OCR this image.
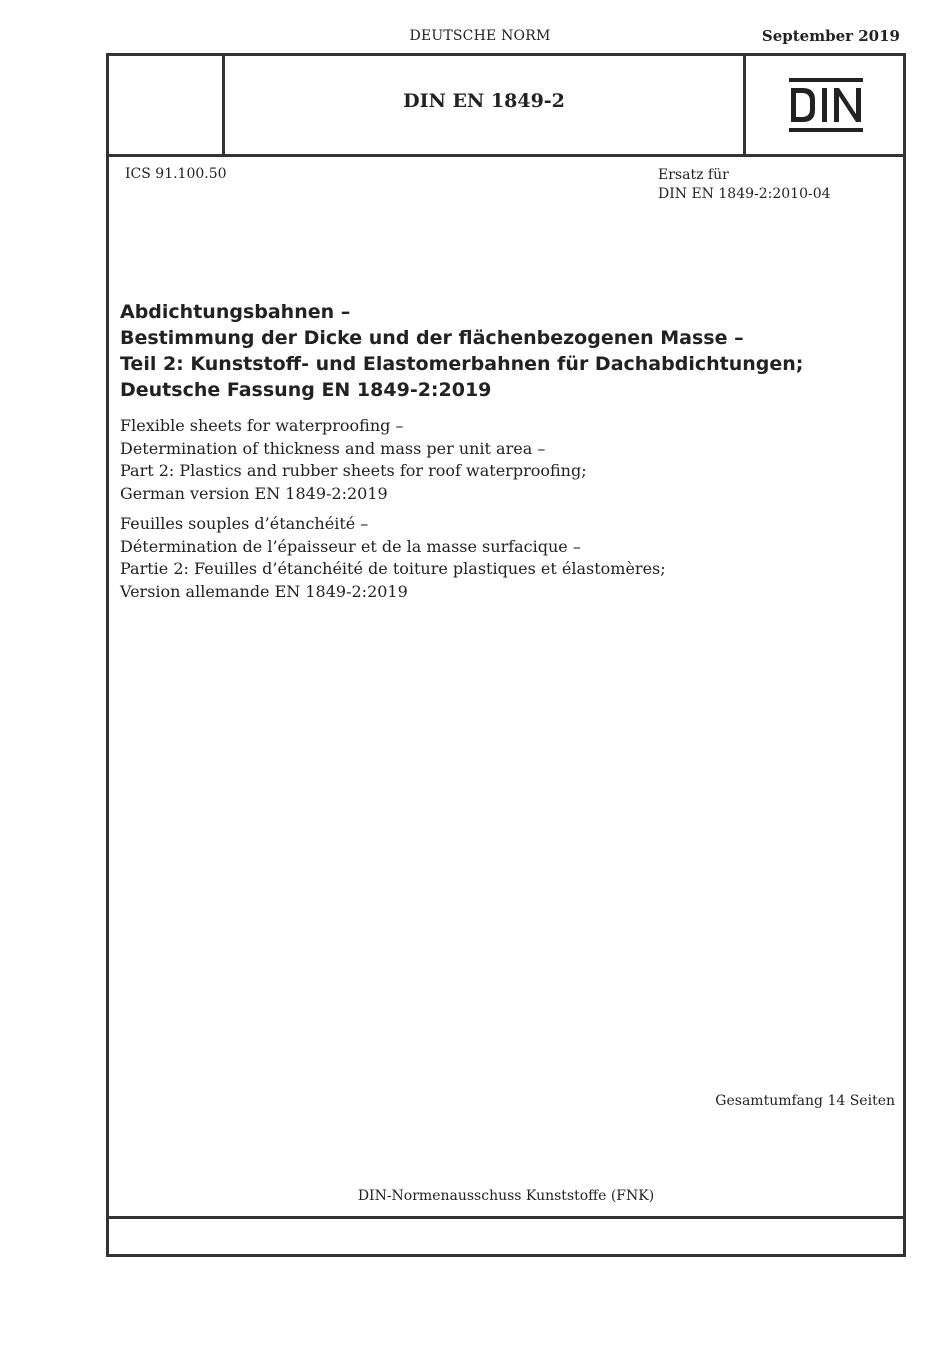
DEUTSCHE NORM	September 2019
DIN EN 1849-2
ICS 91.100.50	Ersatz für
DIN EN 1849-2:2010-04
Abdichtungsbahnen –
Bestimmung der Dicke und der flächenbezogenen Masse –
Teil 2: Kunststoff- und Elastomerbahnen für Dachabdichtungen;
Deutsche Fassung EN 1849-2:2019
Flexible sheets for waterproofing –
Determination of thickness and mass per unit area –
Part 2: Plastics and rubber sheets for roof waterproofing;
German version EN 1849-2:2019
Feuilles souples d’étanchéité –
Détermination de l’épaisseur et de la masse surfacique –
Partie 2: Feuilles d’étanchéité de toiture plastiques et élastomères;
Version allemande EN 1849-2:2019
Gesamtumfang 14 Seiten
DIN-Normenausschuss Kunststoffe (FNK)
